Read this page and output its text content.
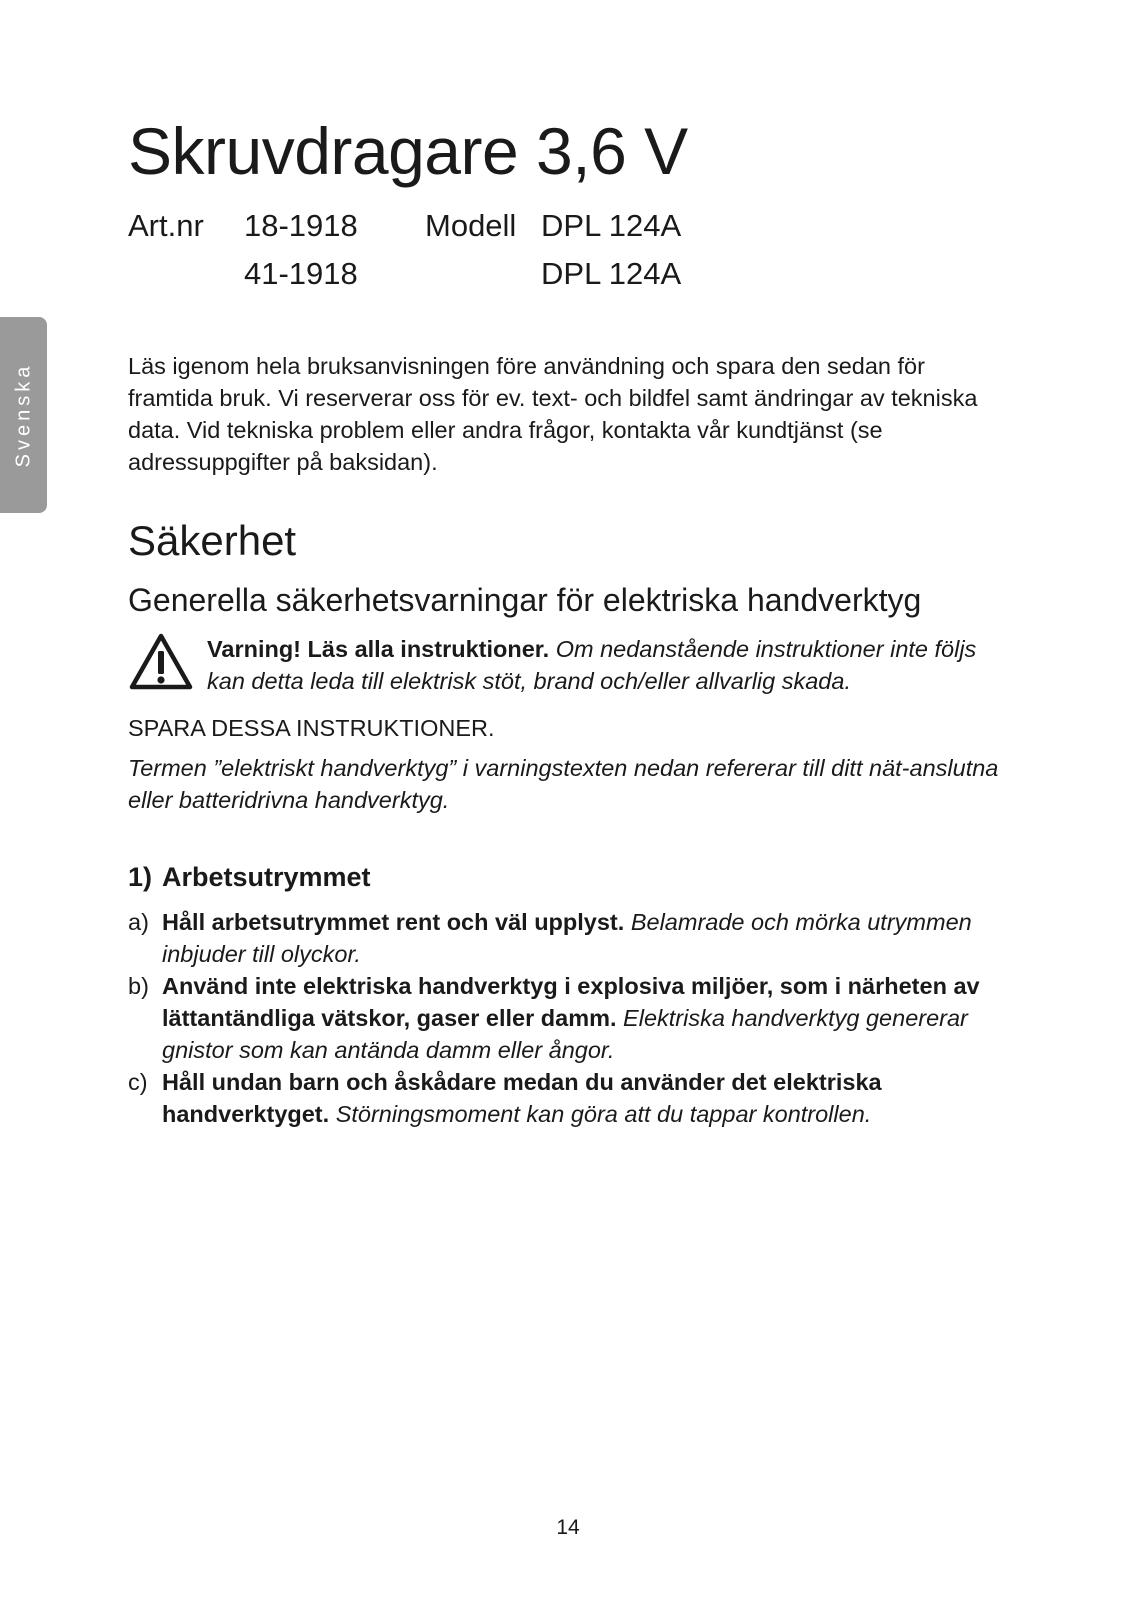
Svenska
Skruvdragare 3,6 V
Art.nr 18-1918
41-1918
Modell DPL 124A
DPL 124A

Läs igenom hela bruksanvisningen före användning och spara den sedan för framtida bruk. Vi reserverar oss för ev. text- och bildfel samt ändringar av tekniska data. Vid tekniska problem eller andra frågor, kontakta vår kundtjänst (se adressuppgifter på baksidan).

Säkerhet
Generella säkerhetsvarningar för elektriska handverktyg

Varning! Läs alla instruktioner. Om nedanstående instruktioner inte följs kan detta leda till elektrisk stöt, brand och/eller allvarlig skada.

SPARA DESSA INSTRUKTIONER.

Termen ”elektriskt handverktyg” i varningstexten nedan refererar till ditt nät-anslutna eller batteridrivna handverktyg.

1) Arbetsutrymmet
a) Håll arbetsutrymmet rent och väl upplyst. Belamrade och mörka utrymmen inbjuder till olyckor.
b) Använd inte elektriska handverktyg i explosiva miljöer, som i närheten av lättantändliga vätskor, gaser eller damm. Elektriska handverktyg genererar gnistor som kan antända damm eller ångor.
c) Håll undan barn och åskådare medan du använder det elektriska handverktyget. Störningsmoment kan göra att du tappar kontrollen.
14
